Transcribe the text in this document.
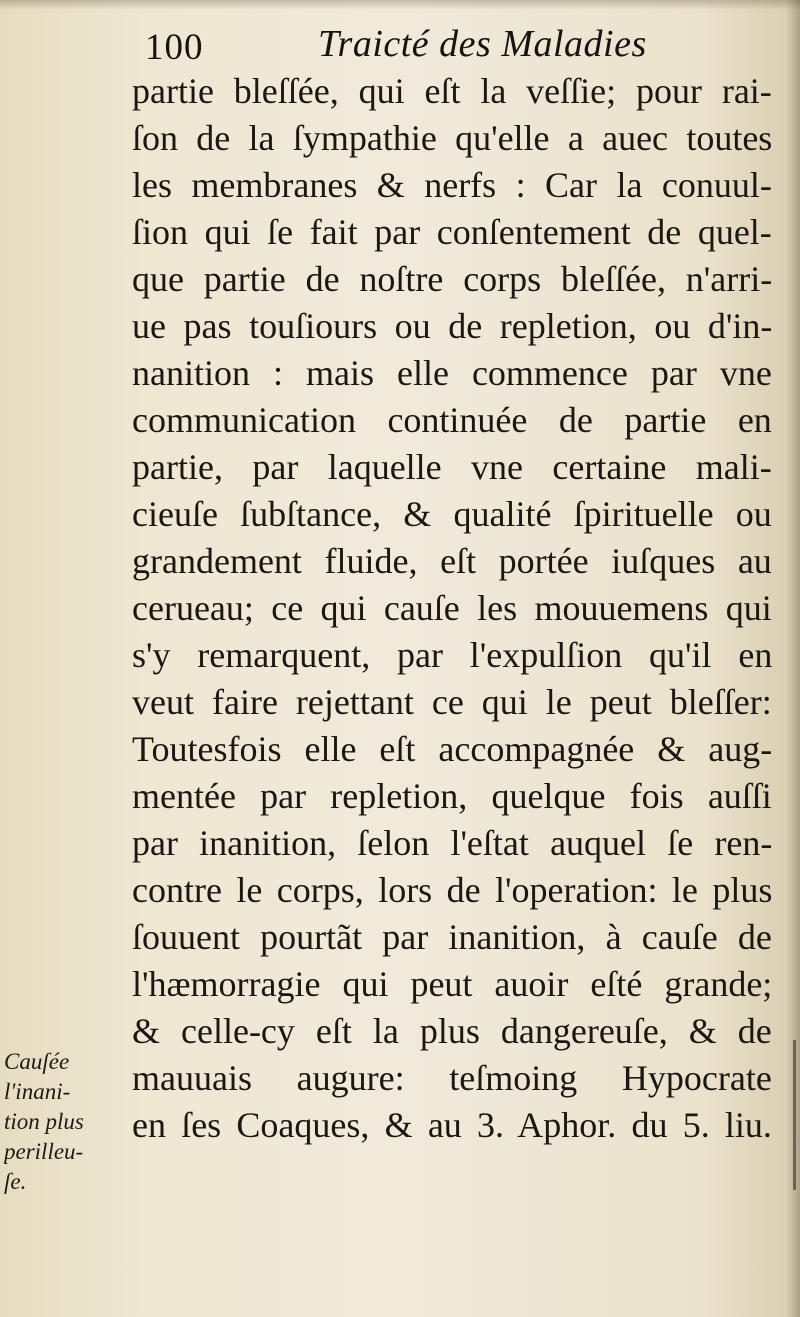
100	Traicté des Maladies
partie bleſſée, qui eſt la veſſie; pour rai-
ſon de la ſympathie qu'elle a auec toutes
les membranes & nerfs : Car la conuul-
ſion qui ſe fait par conſentement de quel-
que partie de noſtre corps bleſſée, n'arri-
ue pas touſiours ou de repletion, ou d'in-
nanition : mais elle commence par vne
communication continuée de partie en
partie, par laquelle vne certaine mali-
cieuſe ſubſtance, & qualité ſpirituelle ou
grandement fluide, eſt portée iuſques au
cerueau; ce qui cauſe les mouuemens qui
s'y remarquent, par l'expulſion qu'il en
veut faire rejettant ce qui le peut bleſſer:
Toutesfois elle eſt accompagnée & aug-
mentée par repletion, quelque fois auſſi
par inanition, ſelon l'eſtat auquel ſe ren-
contre le corps, lors de l'operation: le plus
ſouuent pourtãt par inanition, à cauſe de
l'hæmorragie qui peut auoir eſté grande;
& celle-cy eſt la plus dangereuſe, & de
mauuais augure: teſmoing Hypocrate
en ſes Coaques, & au 3. Aphor. du 5. liu.
Cauſée
l'inani-
tion plus
perilleu-
ſe.
